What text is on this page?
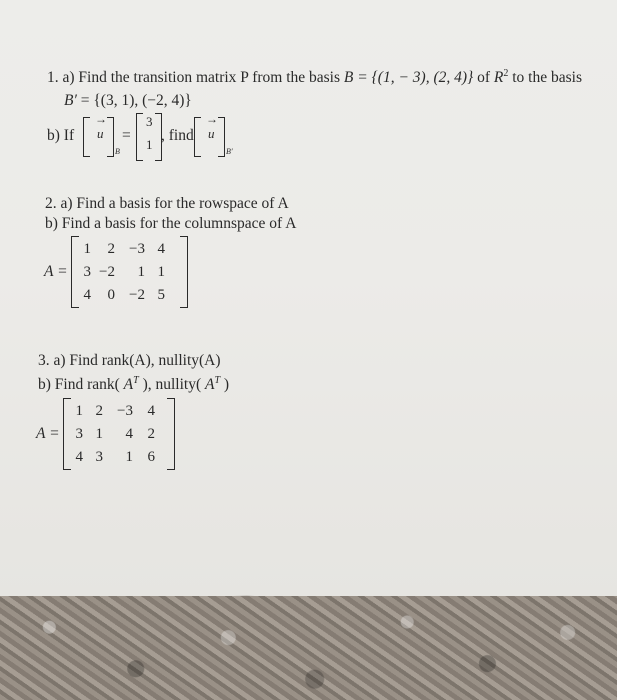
1. a) Find the transition matrix P from the basis B = {(1, − 3), (2, 4)} of $R^2$ to the basis
B′ = {(3, 1), (−2, 4)}
b) If
→
u
B
=
3
1
, find
→
u
B′
2. a) Find a basis for the rowspace of A
b) Find a basis for the columnspace of A
A =
1	2	−3	4
3	−2	1	1
4	0	−2	5
3. a) Find rank(A), nullity(A)
b) Find rank( $A^T$ ), nullity( $A^T$ )
A =
1	2	−3	4
3	1	4	2
4	3	1	6
